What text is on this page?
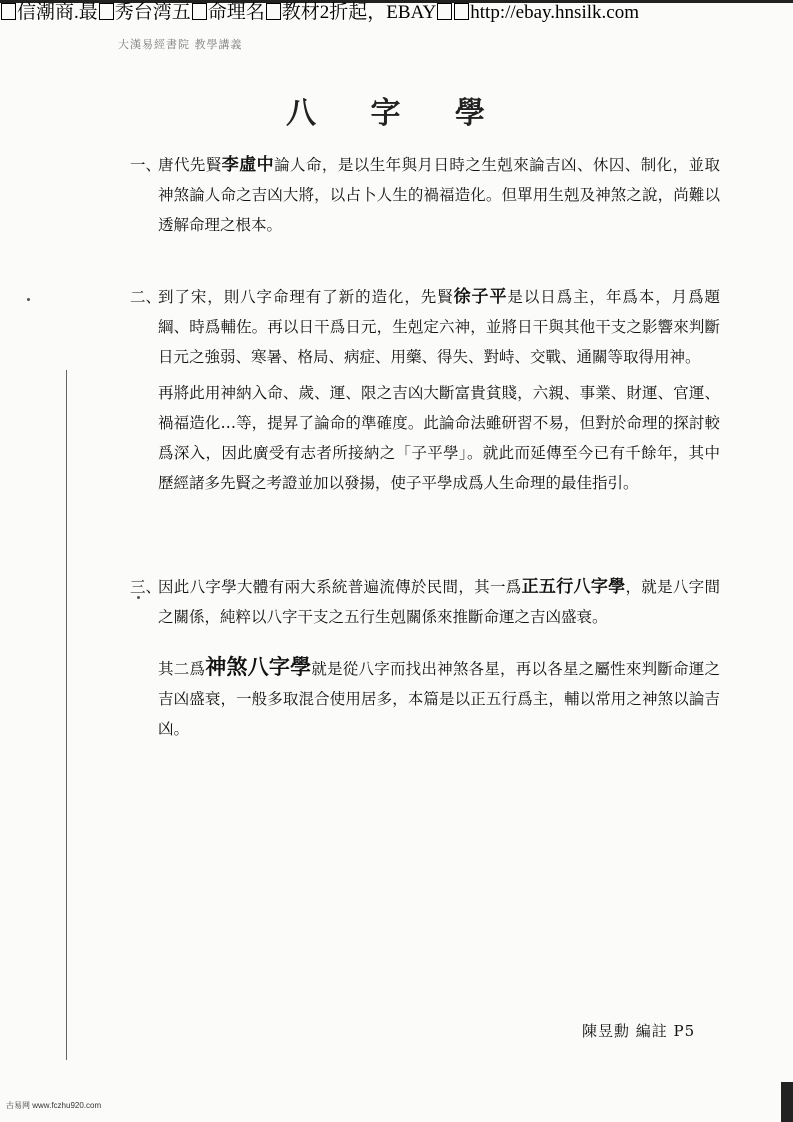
信潮商.最 秀台湾五 命理名 教材2折起，EBAY http://ebay.hnsilk.com
大漢易經書院 教學講義
八 字 學
一、
唐代先賢李虛中論人命，是以生年與月日時之生剋來論吉凶、休囚、制化，並取神煞論人命之吉凶大將，以占卜人生的禍福造化。但單用生剋及神煞之說，尚難以透解命理之根本。
二、
到了宋，則八字命理有了新的造化，先賢徐子平是以日爲主，年爲本，月爲題綱、時爲輔佐。再以日干爲日元，生剋定六神，並將日干與其他干支之影響來判斷日元之強弱、寒暑、格局、病症、用藥、得失、對峙、交戰、通關等取得用神。
再將此用神納入命、歲、運、限之吉凶大斷富貴貧賤，六親、事業、財運、官運、禍福造化…等，提昇了論命的準確度。此論命法雖研習不易，但對於命理的探討較爲深入，因此廣受有志者所接納之「子平學」。就此而延傳至今已有千餘年，其中歷經諸多先賢之考證並加以發揚，使子平學成爲人生命理的最佳指引。
三、
因此八字學大體有兩大系統普遍流傳於民間，其一爲正五行八字學，就是八字間之關係，純粹以八字干支之五行生剋關係來推斷命運之吉凶盛衰。
其二爲神煞八字學就是從八字而找出神煞各星，再以各星之屬性來判斷命運之吉凶盛衰，一般多取混合使用居多，本篇是以正五行爲主，輔以常用之神煞以論吉凶。
陳昱勳 編註 P5
古易网 www.fczhu920.com
